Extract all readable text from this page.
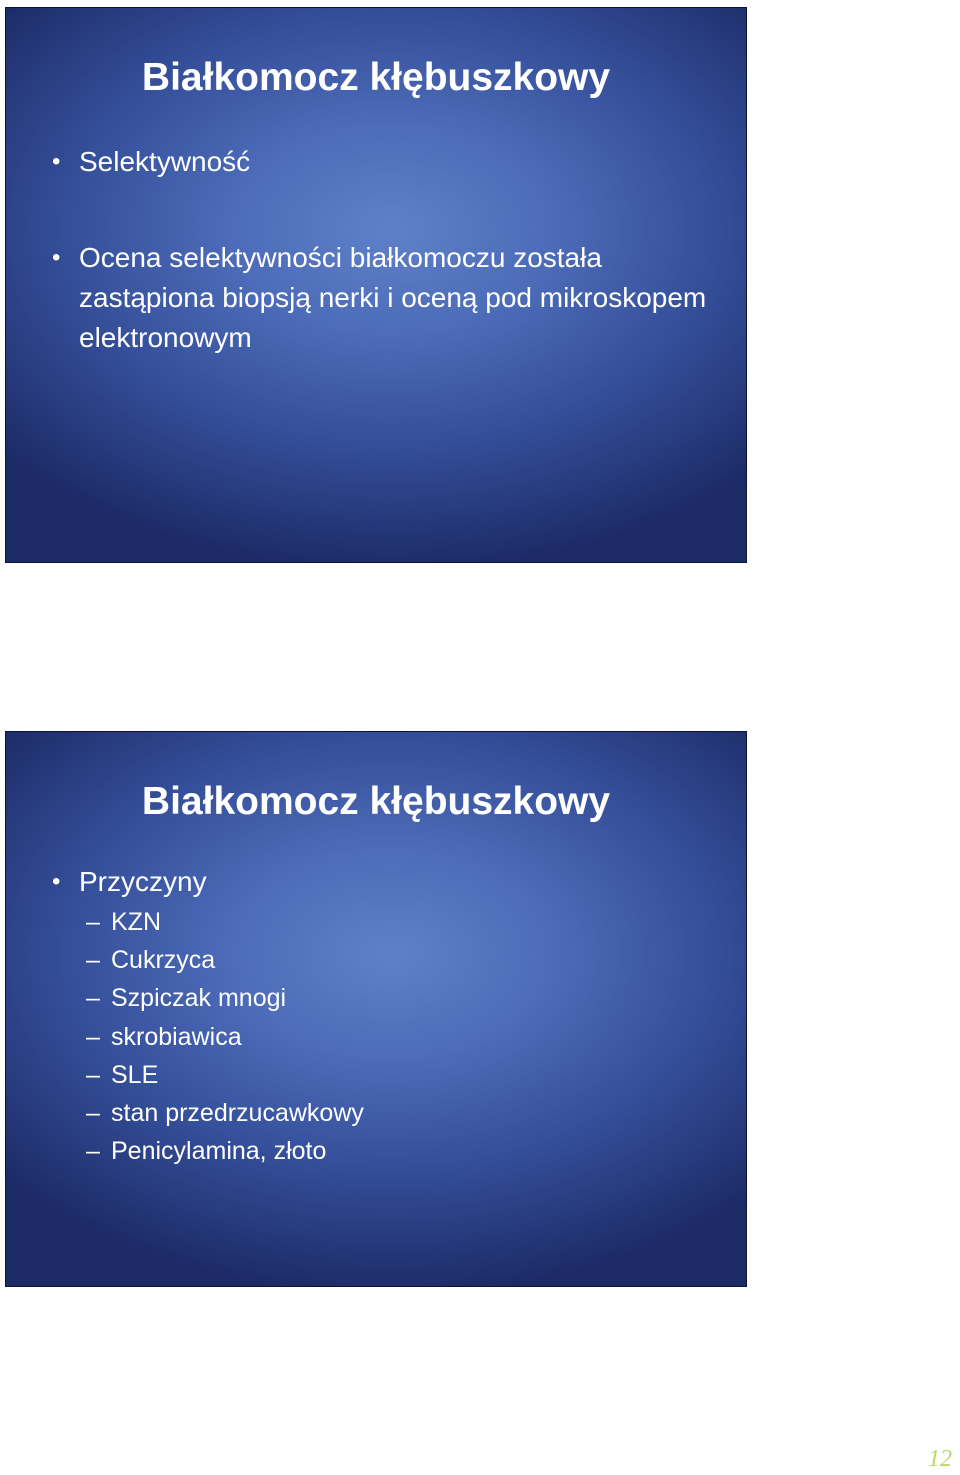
Białkomocz kłębuszkowy
• Selektywność
• Ocena selektywności białkomoczu została zastąpiona biopsją nerki i oceną pod mikroskopem elektronowym
Białkomocz kłębuszkowy
• Przyczyny
– KZN
– Cukrzyca
– Szpiczak mnogi
– skrobiawica
– SLE
– stan przedrzucawkowy
– Penicylamina, złoto
12
